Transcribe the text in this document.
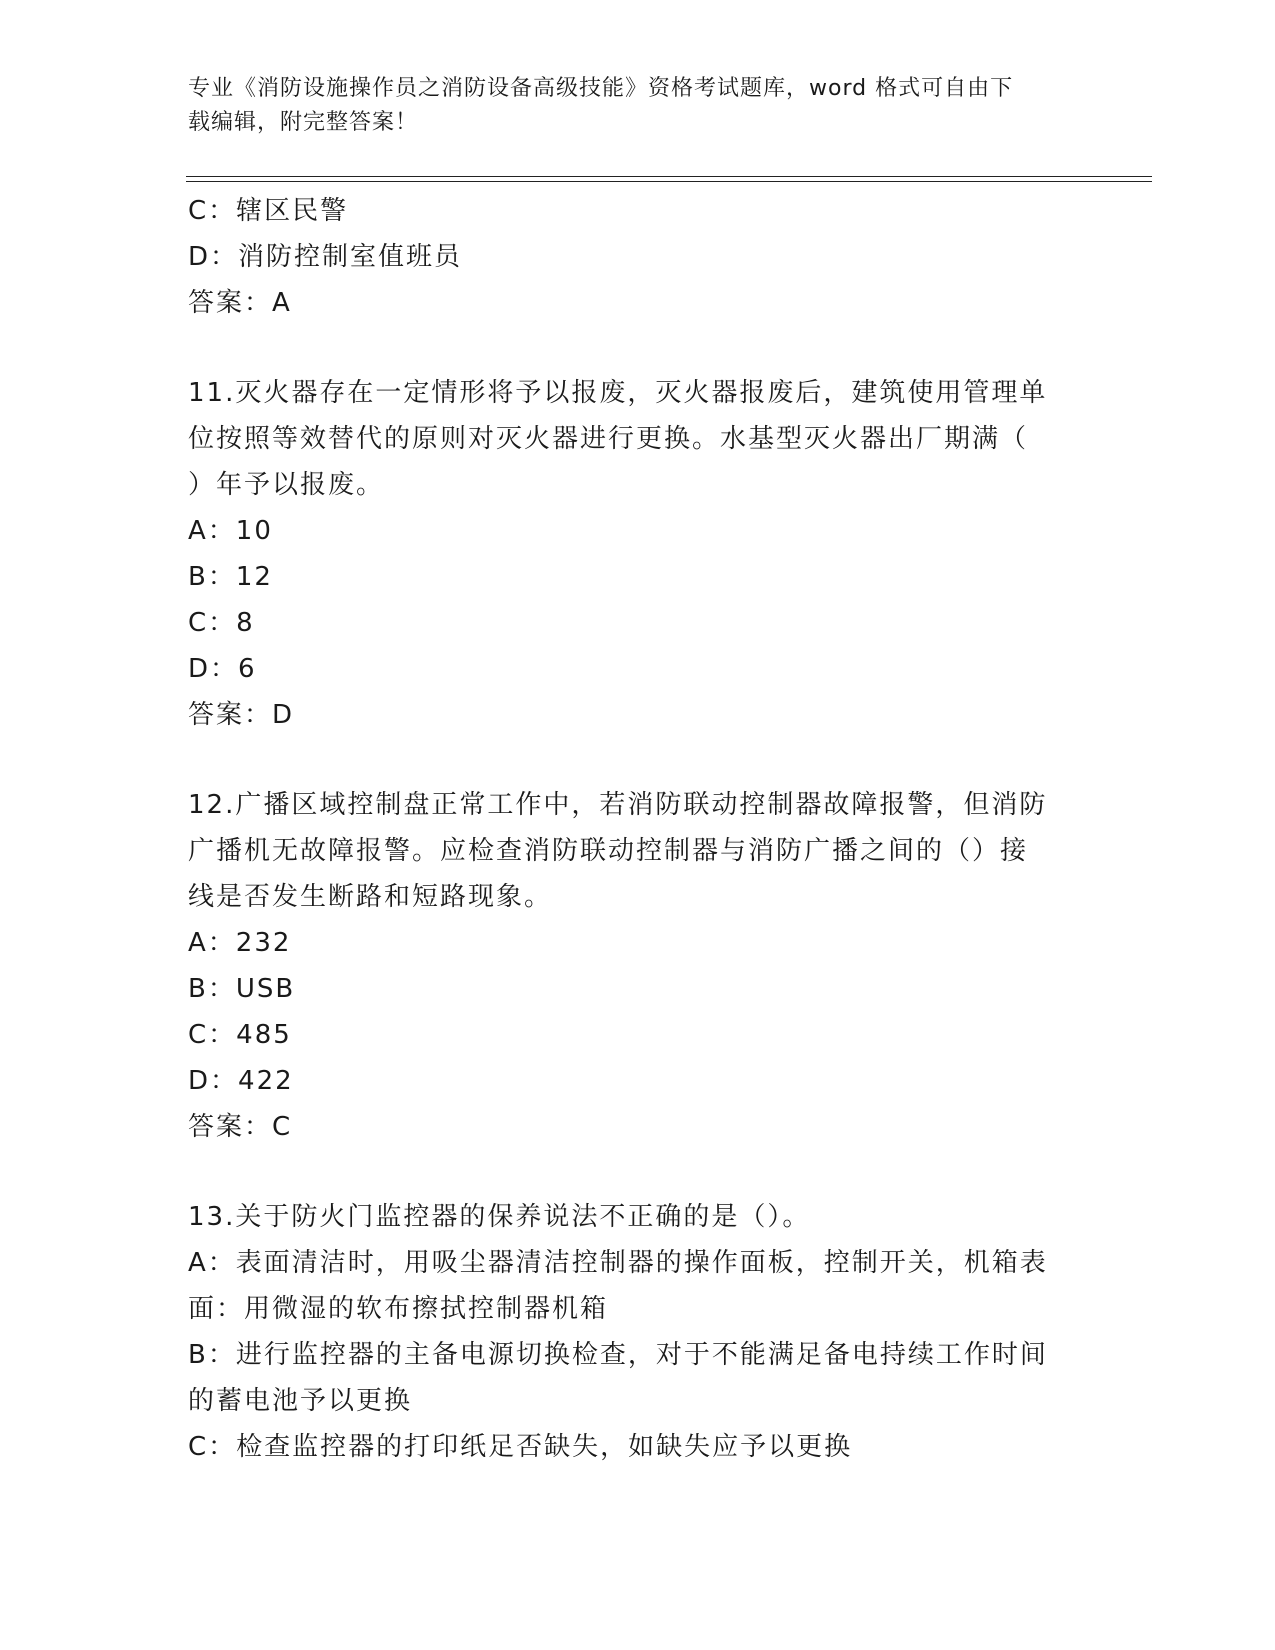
专业《消防设施操作员之消防设备高级技能》资格考试题库，word 格式可自由下
载编辑，附完整答案！
C：辖区民警
D：消防控制室值班员
答案：A
11.灭火器存在一定情形将予以报废，灭火器报废后，建筑使用管理单
位按照等效替代的原则对灭火器进行更换。水基型灭火器出厂期满（
）年予以报废。
A：10
B：12
C：8
D：6
答案：D
12.广播区域控制盘正常工作中，若消防联动控制器故障报警，但消防
广播机无故障报警。应检查消防联动控制器与消防广播之间的（）接
线是否发生断路和短路现象。
A：232
B：USB
C：485
D：422
答案：C
13.关于防火门监控器的保养说法不正确的是（）。
A：表面清洁时，用吸尘器清洁控制器的操作面板，控制开关，机箱表
面：用微湿的软布擦拭控制器机箱
B：进行监控器的主备电源切换检查，对于不能满足备电持续工作时间
的蓄电池予以更换
C：检查监控器的打印纸足否缺失，如缺失应予以更换
